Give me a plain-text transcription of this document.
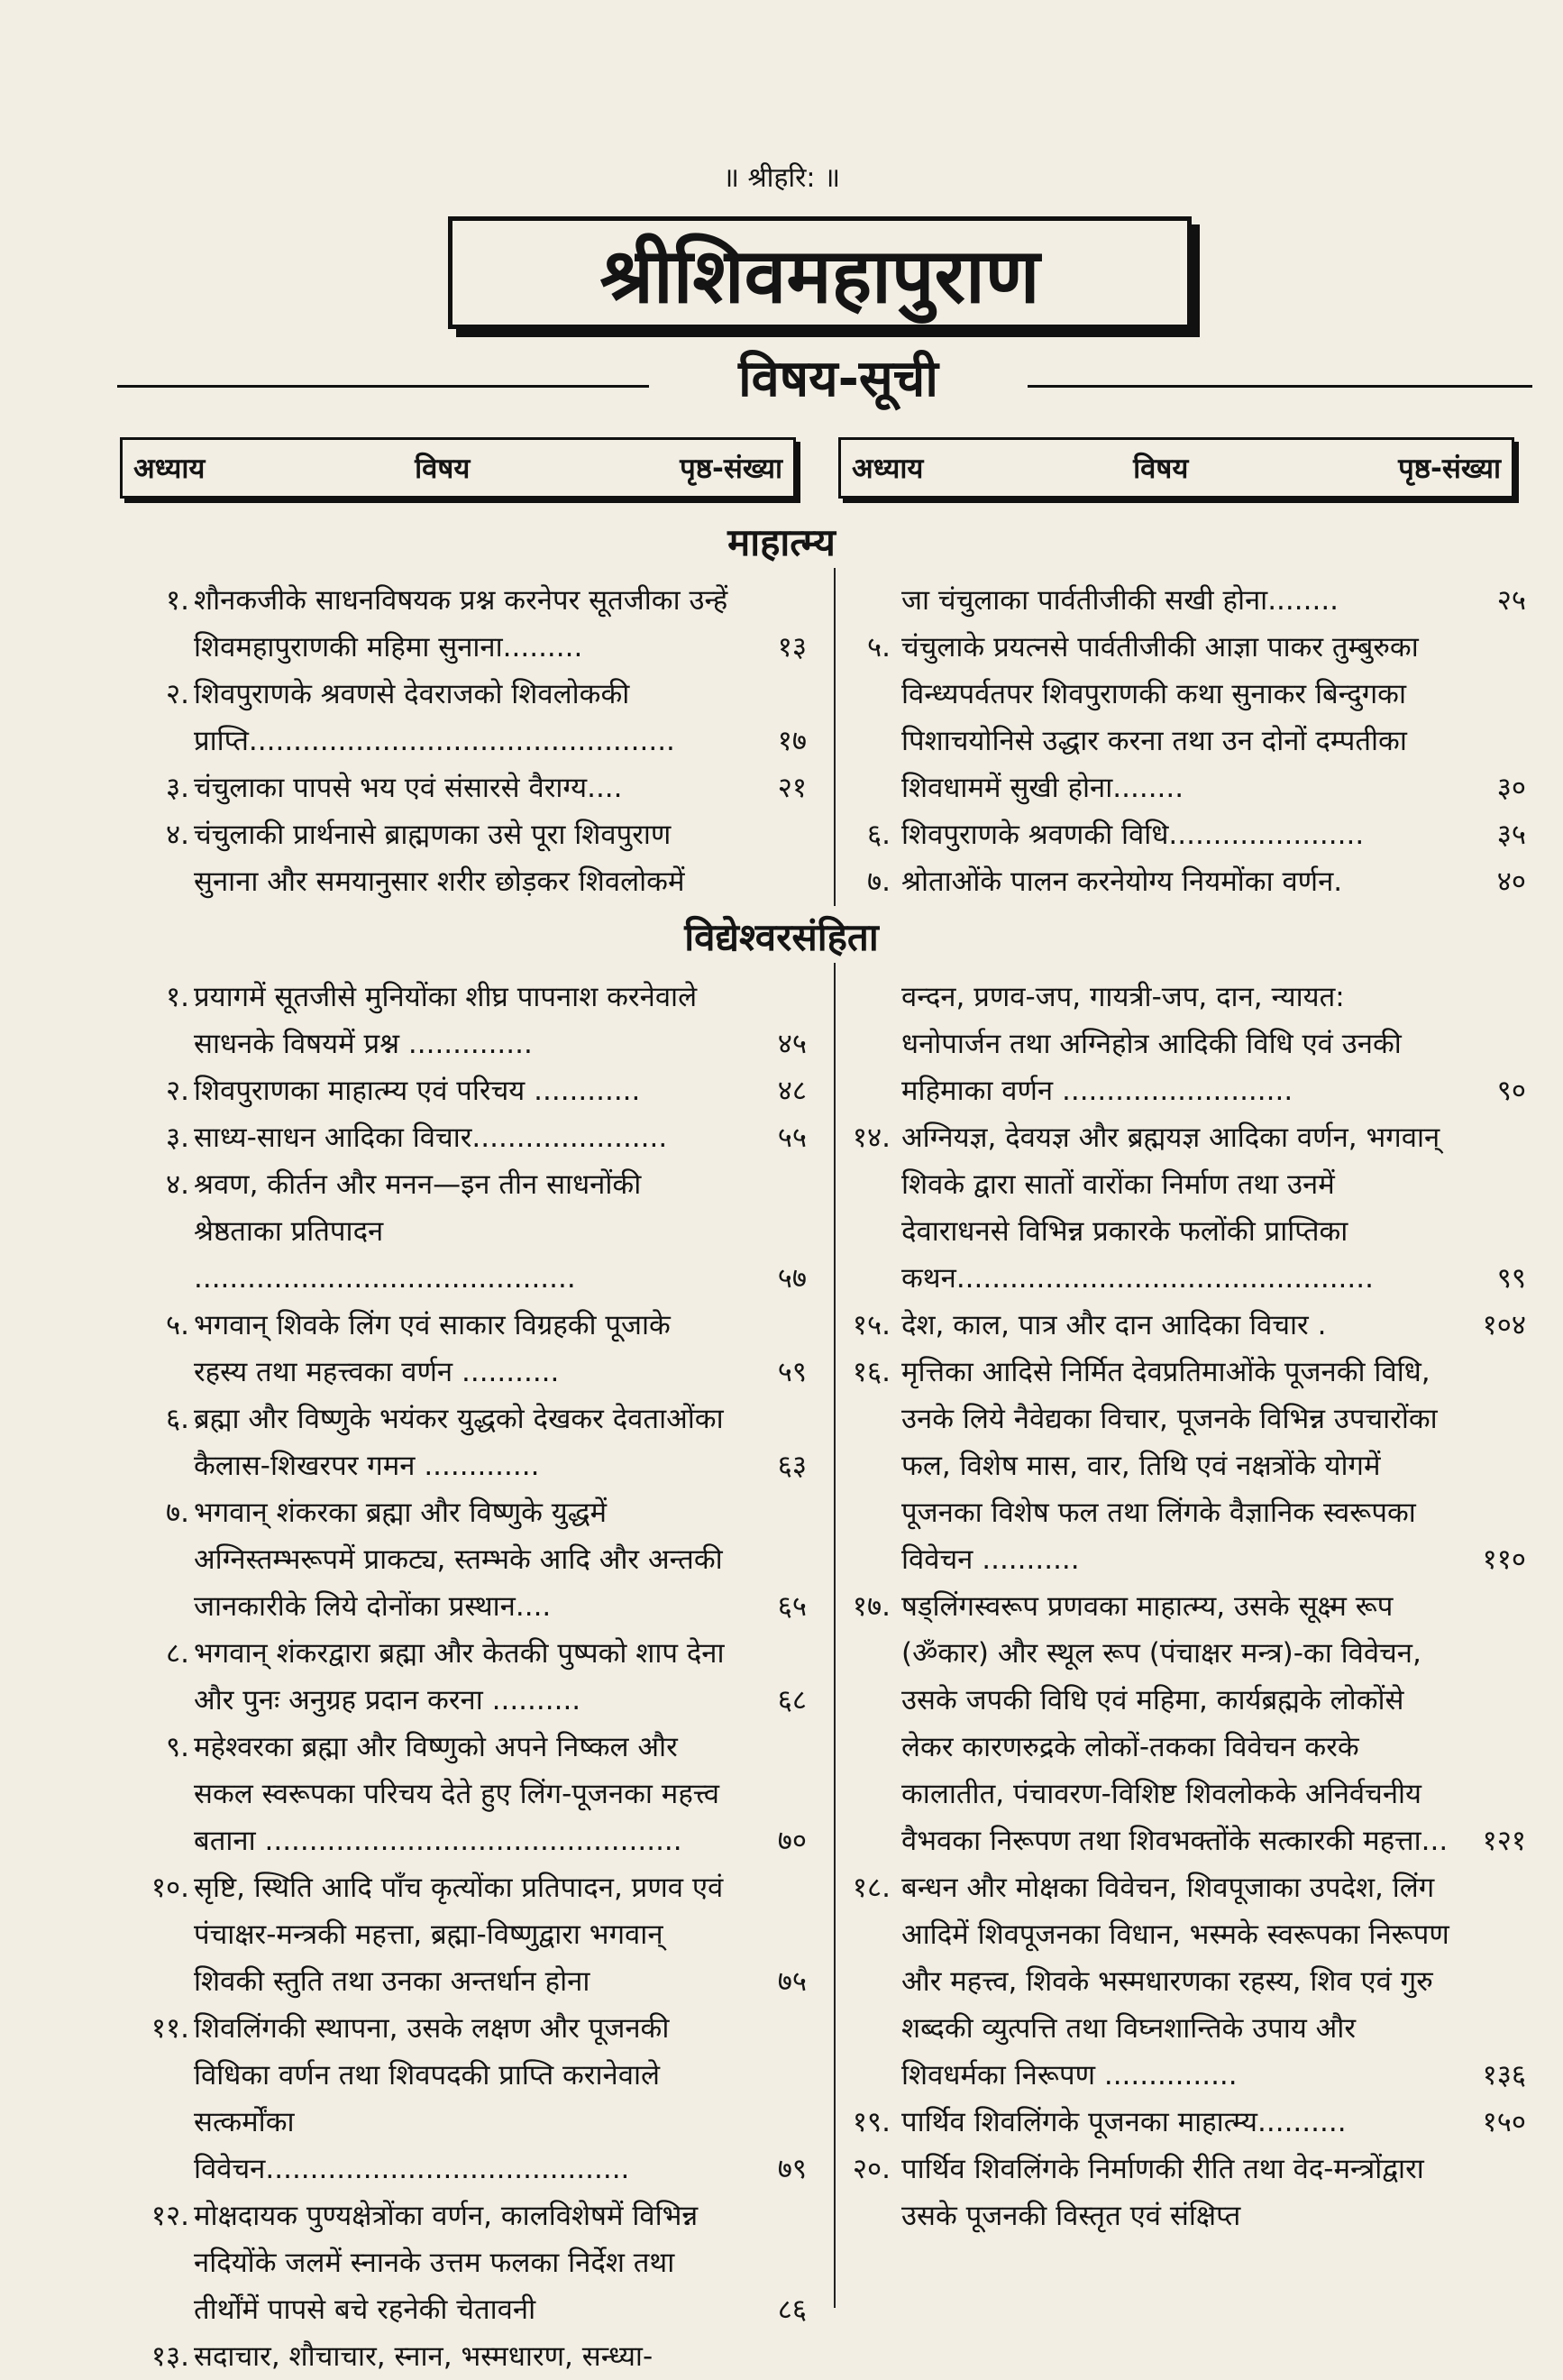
॥ श्रीहरि: ॥
श्रीशिवमहापुराण
विषय-सूची
अध्याय	विषय	पृष्ठ-संख्या अध्याय	विषय	पृष्ठ-संख्या
माहात्म्य
१. शौनकजीके साधनविषयक प्रश्न करनेपर सूतजीका उन्हें शिवमहापुराणकी महिमा सुनाना.........	१३
२. शिवपुराणके श्रवणसे देवराजको शिवलोककी प्राप्ति................................................	१७
३. चंचुलाका पापसे भय एवं संसारसे वैराग्य....	२१
४. चंचुलाकी प्रार्थनासे ब्राह्मणका उसे पूरा शिवपुराण सुनाना और समयानुसार शरीर छोड़कर शिवलोकमें
जा चंचुलाका पार्वतीजीकी सखी होना........	२५
५. चंचुलाके प्रयत्नसे पार्वतीजीकी आज्ञा पाकर तुम्बुरुका विन्ध्यपर्वतपर शिवपुराणकी कथा सुनाकर बिन्दुगका पिशाचयोनिसे उद्धार करना तथा उन दोनों दम्पतीका शिवधाममें सुखी होना........	३०
६. शिवपुराणके श्रवणकी विधि......................	३५
७. श्रोताओंके पालन करनेयोग्य नियमोंका वर्णन.	४०
विद्येश्वरसंहिता
१. प्रयागमें सूतजीसे मुनियोंका शीघ्र पापनाश करनेवाले साधनके विषयमें प्रश्न ..............	४५
२. शिवपुराणका माहात्म्य एवं परिचय ............	४८
३. साध्य-साधन आदिका विचार......................	५५
४. श्रवण, कीर्तन और मनन—इन तीन साधनोंकी श्रेष्ठताका प्रतिपादन ...........................................	५७
५. भगवान् शिवके लिंग एवं साकार विग्रहकी पूजाके रहस्य तथा महत्त्वका वर्णन ...........	५९
६. ब्रह्मा और विष्णुके भयंकर युद्धको देखकर देवताओंका कैलास-शिखरपर गमन .............	६३
७. भगवान् शंकरका ब्रह्मा और विष्णुके युद्धमें अग्निस्तम्भरूपमें प्राकट्य, स्तम्भके आदि और अन्तकी जानकारीके लिये दोनोंका प्रस्थान....	६५
८. भगवान् शंकरद्वारा ब्रह्मा और केतकी पुष्पको शाप देना और पुनः अनुग्रह प्रदान करना ..........	६८
९. महेश्वरका ब्रह्मा और विष्णुको अपने निष्कल और सकल स्वरूपका परिचय देते हुए लिंग-पूजनका महत्त्व बताना ...............................................	७०
१०. सृष्टि, स्थिति आदि पाँच कृत्योंका प्रतिपादन, प्रणव एवं पंचाक्षर-मन्त्रकी महत्ता, ब्रह्मा-विष्णुद्वारा भगवान् शिवकी स्तुति तथा उनका अन्तर्धान होना	७५
११. शिवलिंगकी स्थापना, उसके लक्षण और पूजनकी विधिका वर्णन तथा शिवपदकी प्राप्ति करानेवाले सत्कर्मोंका विवेचन.........................................	७९
१२. मोक्षदायक पुण्यक्षेत्रोंका वर्णन, कालविशेषमें विभिन्न नदियोंके जलमें स्नानके उत्तम फलका निर्देश तथा तीर्थोंमें पापसे बचे रहनेकी चेतावनी	८६
१३. सदाचार, शौचाचार, स्नान, भस्मधारण, सन्ध्या-
वन्दन, प्रणव-जप, गायत्री-जप, दान, न्यायत: धनोपार्जन तथा अग्निहोत्र आदिकी विधि एवं उनकी महिमाका वर्णन ..........................	९०
१४. अग्नियज्ञ, देवयज्ञ और ब्रह्मयज्ञ आदिका वर्णन, भगवान् शिवके द्वारा सातों वारोंका निर्माण तथा उनमें देवाराधनसे विभिन्न प्रकारके फलोंकी प्राप्तिका कथन...............................................	९९
१५. देश, काल, पात्र और दान आदिका विचार .	१०४
१६. मृत्तिका आदिसे निर्मित देवप्रतिमाओंके पूजनकी विधि, उनके लिये नैवेद्यका विचार, पूजनके विभिन्न उपचारोंका फल, विशेष मास, वार, तिथि एवं नक्षत्रोंके योगमें पूजनका विशेष फल तथा लिंगके वैज्ञानिक स्वरूपका विवेचन ...........	११०
१७. षड्लिंगस्वरूप प्रणवका माहात्म्य, उसके सूक्ष्म रूप (ॐकार) और स्थूल रूप (पंचाक्षर मन्त्र)-का विवेचन, उसके जपकी विधि एवं महिमा, कार्यब्रह्मके लोकोंसे लेकर कारणरुद्रके लोकों-तकका विवेचन करके कालातीत, पंचावरण-विशिष्ट शिवलोकके अनिर्वचनीय वैभवका निरूपण तथा शिवभक्तोंके सत्कारकी महत्ता...	१२१
१८. बन्धन और मोक्षका विवेचन, शिवपूजाका उपदेश, लिंग आदिमें शिवपूजनका विधान, भस्मके स्वरूपका निरूपण और महत्त्व, शिवके भस्मधारणका रहस्य, शिव एवं गुरु शब्दकी व्युत्पत्ति तथा विघ्नशान्तिके उपाय और शिवधर्मका निरूपण ...............	१३६
१९. पार्थिव शिवलिंगके पूजनका माहात्म्य..........	१५०
२०. पार्थिव शिवलिंगके निर्माणकी रीति तथा वेद-मन्त्रोंद्वारा उसके पूजनकी विस्तृत एवं संक्षिप्त
